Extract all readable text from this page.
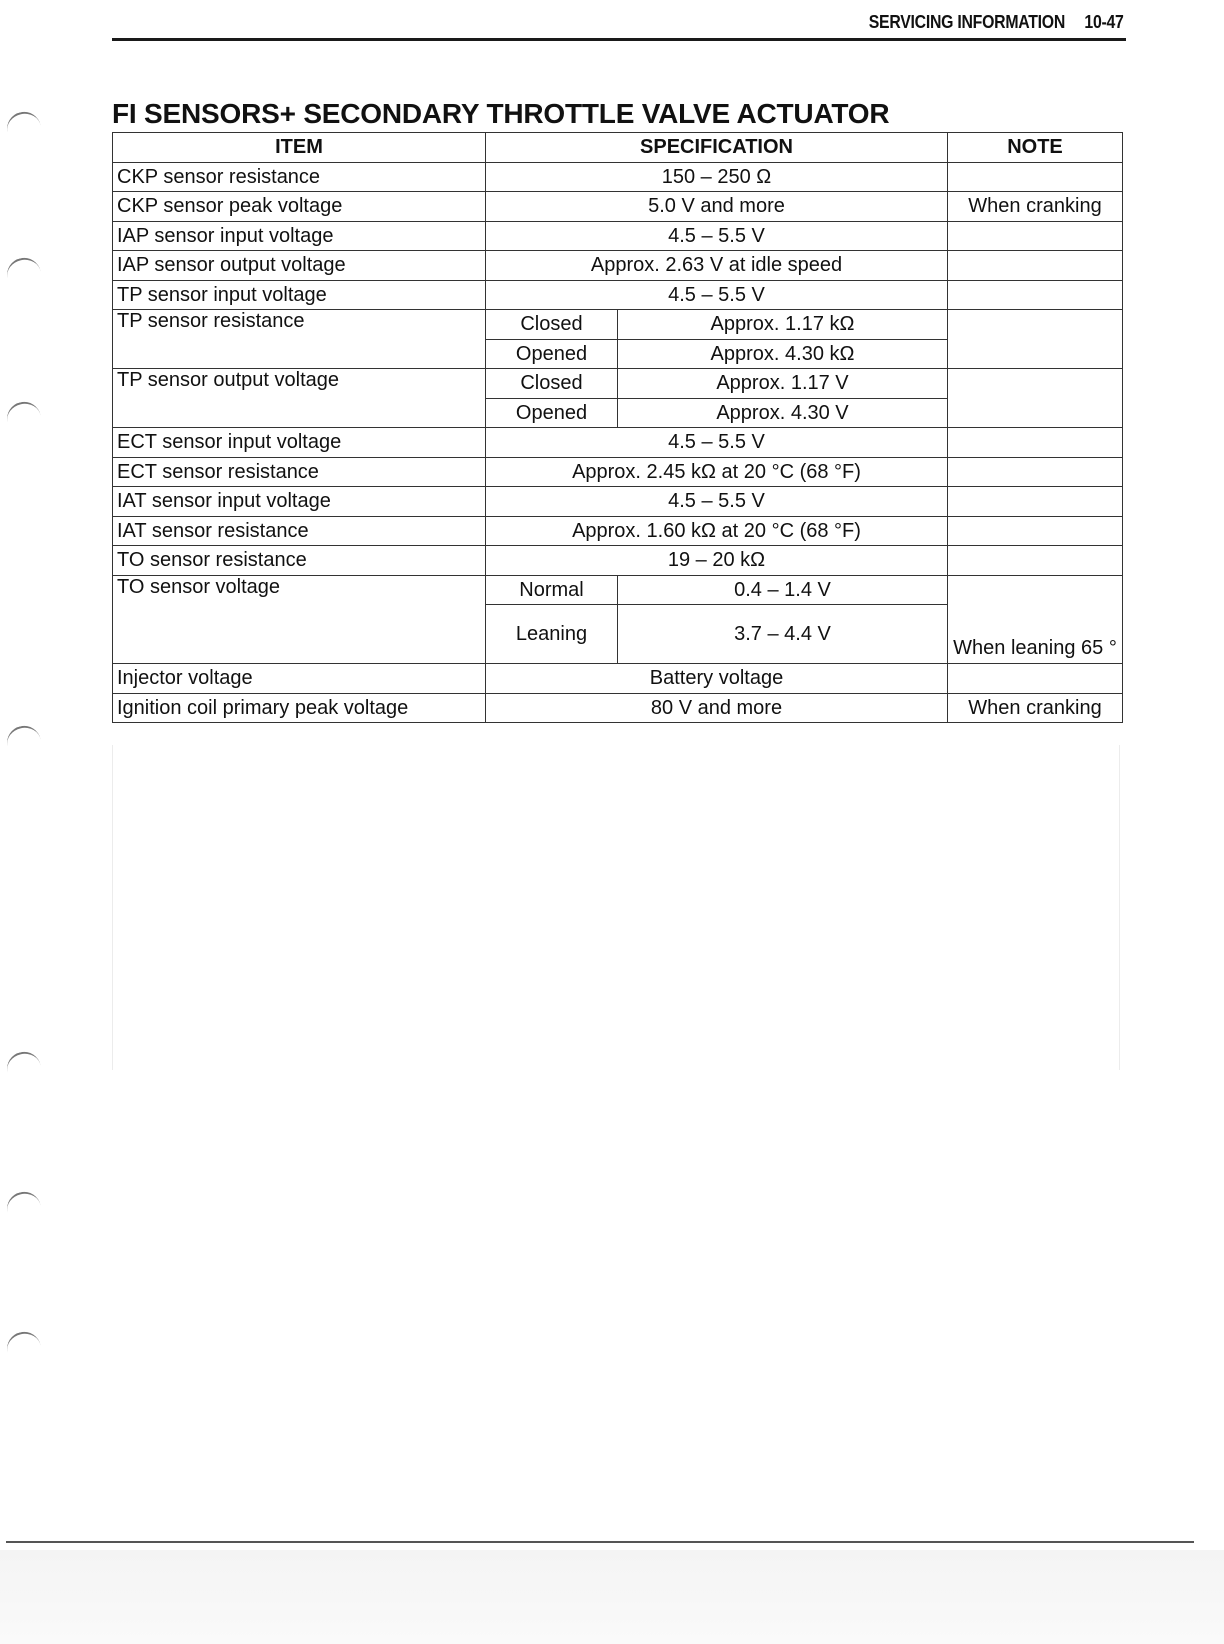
SERVICING INFORMATION 10-47
FI SENSORS+ SECONDARY THROTTLE VALVE ACTUATOR
ITEM	SPECIFICATION		NOTE
CKP sensor resistance	150 – 250 Ω		
CKP sensor peak voltage	5.0 V and more		When cranking
IAP sensor input voltage	4.5 – 5.5 V		
IAP sensor output voltage	Approx. 2.63 V at idle speed		
TP sensor input voltage	4.5 – 5.5 V		
TP sensor resistance	Closed	Approx. 1.17 kΩ	
	Opened	Approx. 4.30 kΩ	
TP sensor output voltage	Closed	Approx. 1.17 V	
	Opened	Approx. 4.30 V	
ECT sensor input voltage	4.5 – 5.5 V		
ECT sensor resistance	Approx. 2.45 kΩ at 20 °C (68 °F)		
IAT sensor input voltage	4.5 – 5.5 V		
IAT sensor resistance	Approx. 1.60 kΩ at 20 °C (68 °F)		
TO sensor resistance	19 – 20 kΩ		
TO sensor voltage	Normal	0.4 – 1.4 V	When leaning 65 °
	Leaning	3.7 – 4.4 V	
Injector voltage	Battery voltage		
Ignition coil primary peak voltage	80 V and more		When cranking
